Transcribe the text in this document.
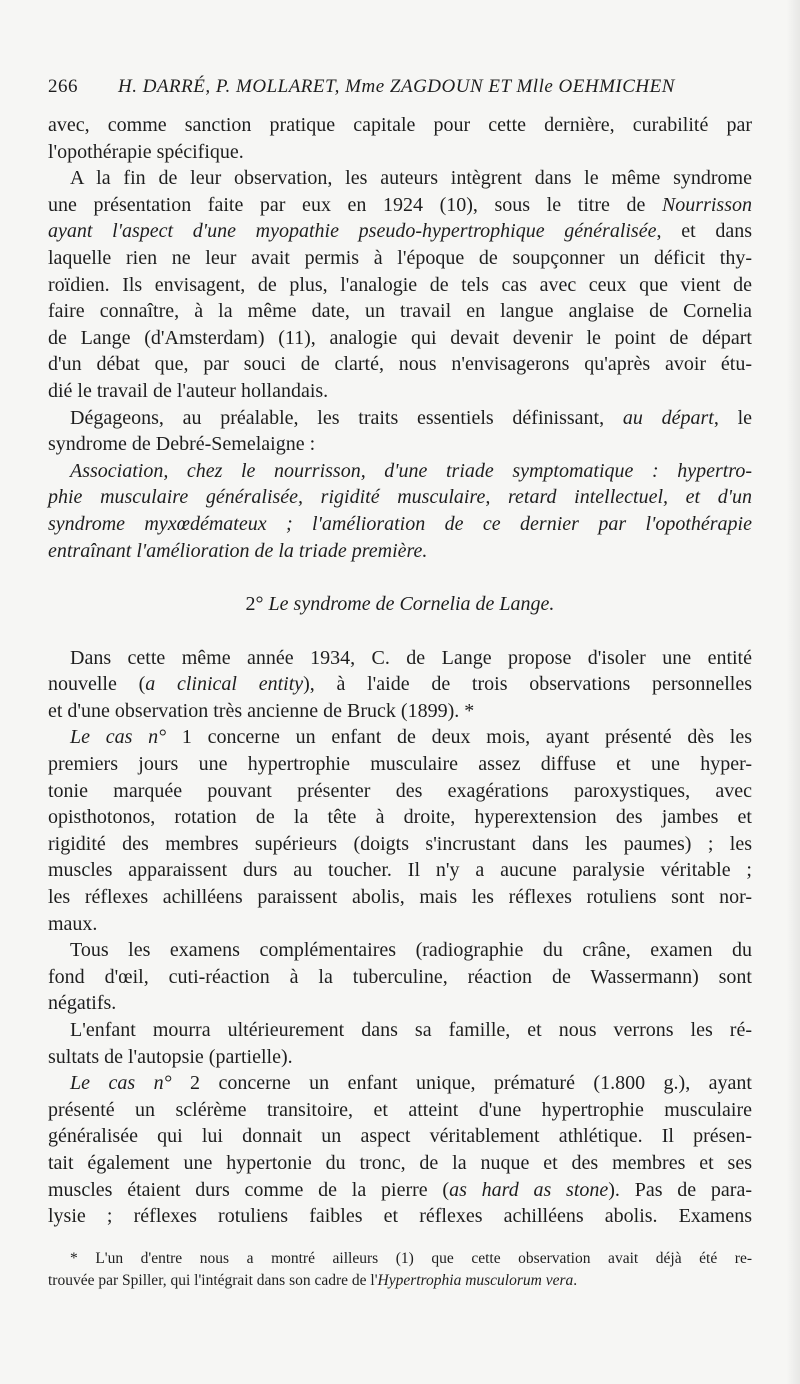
266 H. DARRÉ, P. MOLLARET, Mme ZAGDOUN ET Mlle OEHMICHEN
avec, comme sanction pratique capitale pour cette dernière, curabilité par
l'opothérapie spécifique.
A la fin de leur observation, les auteurs intègrent dans le même syndrome
une présentation faite par eux en 1924 (10), sous le titre de Nourrisson
ayant l'aspect d'une myopathie pseudo-hypertrophique généralisée, et dans
laquelle rien ne leur avait permis à l'époque de soupçonner un déficit thy-
roïdien. Ils envisagent, de plus, l'analogie de tels cas avec ceux que vient de
faire connaître, à la même date, un travail en langue anglaise de Cornelia
de Lange (d'Amsterdam) (11), analogie qui devait devenir le point de départ
d'un débat que, par souci de clarté, nous n'envisagerons qu'après avoir étu-
dié le travail de l'auteur hollandais.
Dégageons, au préalable, les traits essentiels définissant, au départ, le
syndrome de Debré-Semelaigne :
Association, chez le nourrisson, d'une triade symptomatique : hypertro-
phie musculaire généralisée, rigidité musculaire, retard intellectuel, et d'un
syndrome myxœdémateux ; l'amélioration de ce dernier par l'opothérapie
entraînant l'amélioration de la triade première.
2° Le syndrome de Cornelia de Lange.
Dans cette même année 1934, C. de Lange propose d'isoler une entité
nouvelle (a clinical entity), à l'aide de trois observations personnelles
et d'une observation très ancienne de Bruck (1899). *
Le cas n° 1 concerne un enfant de deux mois, ayant présenté dès les
premiers jours une hypertrophie musculaire assez diffuse et une hyper-
tonie marquée pouvant présenter des exagérations paroxystiques, avec
opisthotonos, rotation de la tête à droite, hyperextension des jambes et
rigidité des membres supérieurs (doigts s'incrustant dans les paumes) ; les
muscles apparaissent durs au toucher. Il n'y a aucune paralysie véritable ;
les réflexes achilléens paraissent abolis, mais les réflexes rotuliens sont nor-
maux.
Tous les examens complémentaires (radiographie du crâne, examen du
fond d'œil, cuti-réaction à la tuberculine, réaction de Wassermann) sont
négatifs.
L'enfant mourra ultérieurement dans sa famille, et nous verrons les ré-
sultats de l'autopsie (partielle).
Le cas n° 2 concerne un enfant unique, prématuré (1.800 g.), ayant
présenté un sclérème transitoire, et atteint d'une hypertrophie musculaire
généralisée qui lui donnait un aspect véritablement athlétique. Il présen-
tait également une hypertonie du tronc, de la nuque et des membres et ses
muscles étaient durs comme de la pierre (as hard as stone). Pas de para-
lysie ; réflexes rotuliens faibles et réflexes achilléens abolis. Examens
* L'un d'entre nous a montré ailleurs (1) que cette observation avait déjà été re-
trouvée par Spiller, qui l'intégrait dans son cadre de l'Hypertrophia musculorum vera.
